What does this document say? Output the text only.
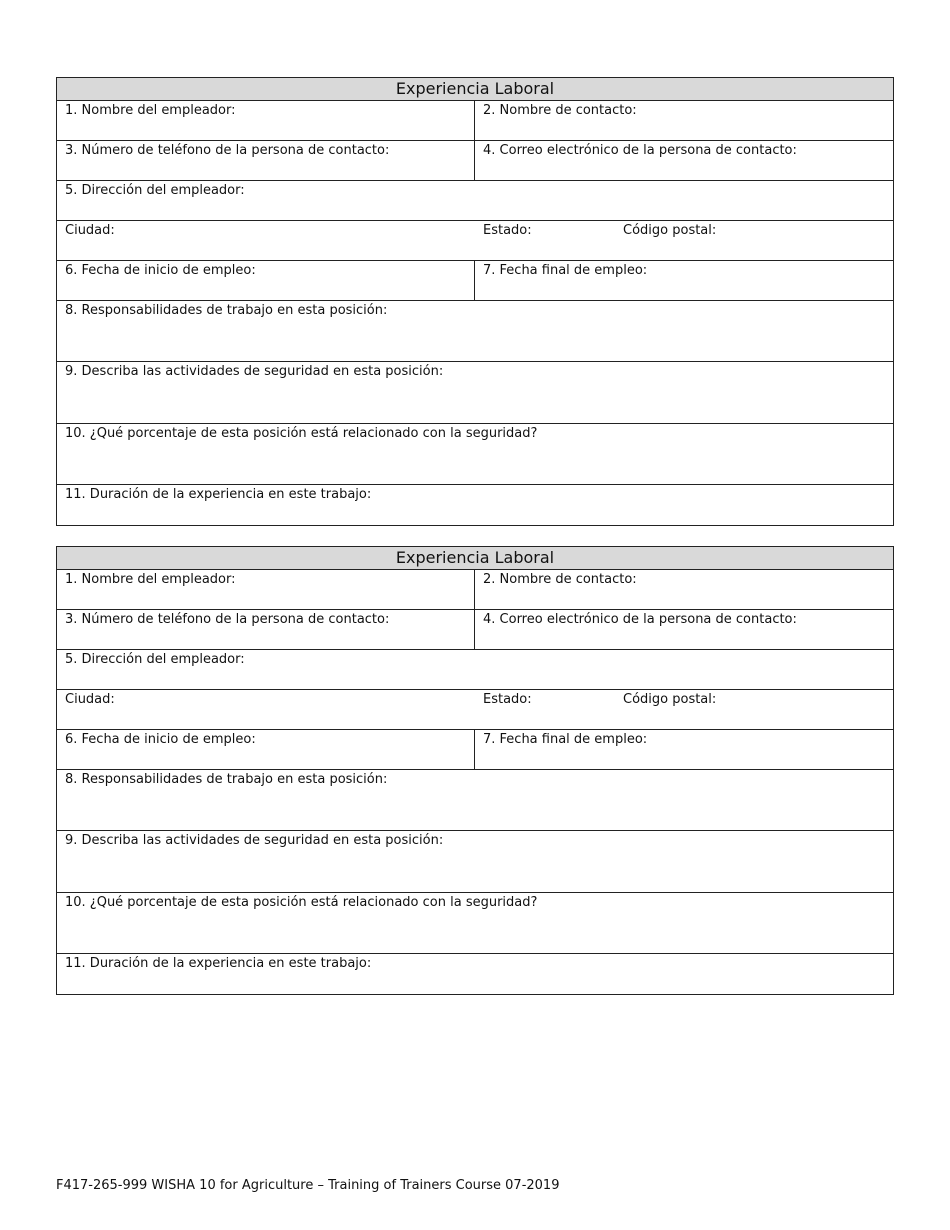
Experiencia Laboral
1. Nombre del empleador:	2. Nombre de contacto:
3. Número de teléfono de la persona de contacto:	4. Correo electrónico de la persona de contacto:
5. Dirección del empleador:
Ciudad:	Estado:	Código postal:
6. Fecha de inicio de empleo:	7. Fecha final de empleo:
8. Responsabilidades de trabajo en esta posición:
9. Describa las actividades de seguridad en esta posición:
10. ¿Qué porcentaje de esta posición está relacionado con la seguridad?
11. Duración de la experiencia en este trabajo:
Experiencia Laboral
1. Nombre del empleador:	2. Nombre de contacto:
3. Número de teléfono de la persona de contacto:	4. Correo electrónico de la persona de contacto:
5. Dirección del empleador:
Ciudad:	Estado:	Código postal:
6. Fecha de inicio de empleo:	7. Fecha final de empleo:
8. Responsabilidades de trabajo en esta posición:
9. Describa las actividades de seguridad en esta posición:
10. ¿Qué porcentaje de esta posición está relacionado con la seguridad?
11. Duración de la experiencia en este trabajo:
F417-265-999 WISHA 10 for Agriculture – Training of Trainers Course 07-2019
